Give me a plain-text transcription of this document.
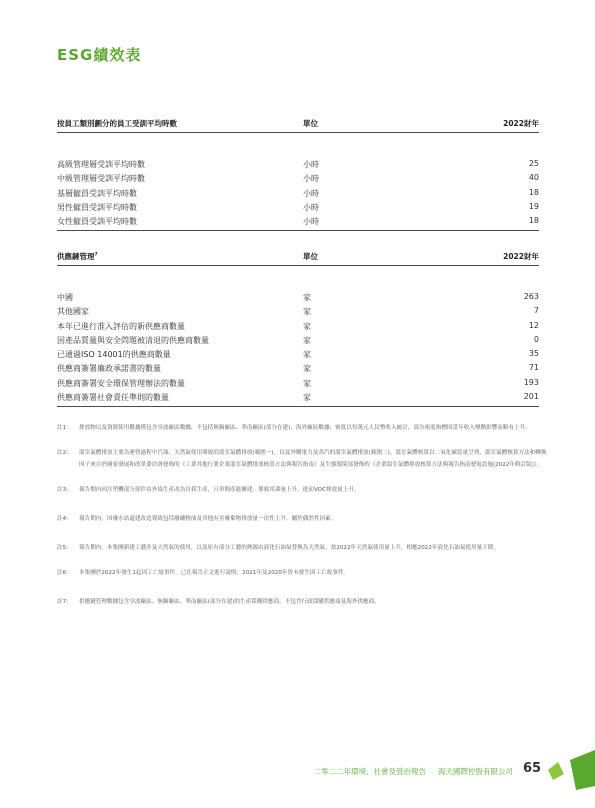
ESG績效表
按員工類別劃分的員工受訓平均時數	單位	2022財年
高級管理層受訓平均時數	小時	25
中級管理層受訓平均時數	小時	40
基層僱員受訓平均時數	小時	18
男性僱員受訓平均時數	小時	19
女性僱員受訓平均時數	小時	18
供應鏈管理$^7$	單位	2022財年
中國	家	263
其他國家	家	7
本年已進行准入評估的新供應商數量	家	12
因產品質量與安全問題被清退的供應商數量	家	0
已通過ISO 14001的供應商數量	家	35
供應商簽署廉政承諾書的數量	家	71
供應商簽署安全環保管理辦法的數量	家	193
供應商簽署社會責任準則的數量	家	201
註1： 排放物以及資源使用數據僅包含享波廠區數據，不包括無錫廠區、華南廠區(部分在建)，海外廠區數據；密度以每萬元人民幣收入統計，部分密度指標因當年收入變動影響而略有上升。
註2： 溫室氣體排放主要為運營過程中汽油、天然氣使用導致的溫室氣體排放(範圍一)，以及外購電力及蒸汽的溫室氣體排放(範圍二)。溫室氣體核算以二氧化碳當量呈列，溫室氣體核算方法和轉換因子來自於國家發展和改革委員會發佈的《工業其他行業企業溫室氣體排放核算方法與報告指南》及生態環境部發佈的《企業溫室氣體排放核算方法與報告指南發電設施(2022年修訂版)》。
註3： 報告期內因注塑機部分部件由外協生產改為自我生產，且車間產能擴建，導致用漆量上升，進而VOC排放量上升。
註4： 報告期內，因廢水站還建改造導致包括廢礦物油及其他有害廢棄物排放量一次性上升，屬於偶然性因素。
註5： 報告期內，本集團新建工藝涉及天然氣的使用，以及原有部分工藝的熱源由液化石油氣替換為天然氣，故2022年天然氣使用量上升，相應2022年液化石油氣使用量下降。
註6： 本集團於2022年發生1起因工亡故事件，已在報告正文進行說明；2021年及2020年皆未發生因工亡故事件。
註7： 供應鏈管理數據包含享波廠區、無錫廠區、華南廠區(部分在建)的生產採購供應商，不包含行政採購供應商及海外供應商。
二零二二年環境、社會及管治報告 海天國際控股有限公司 65
